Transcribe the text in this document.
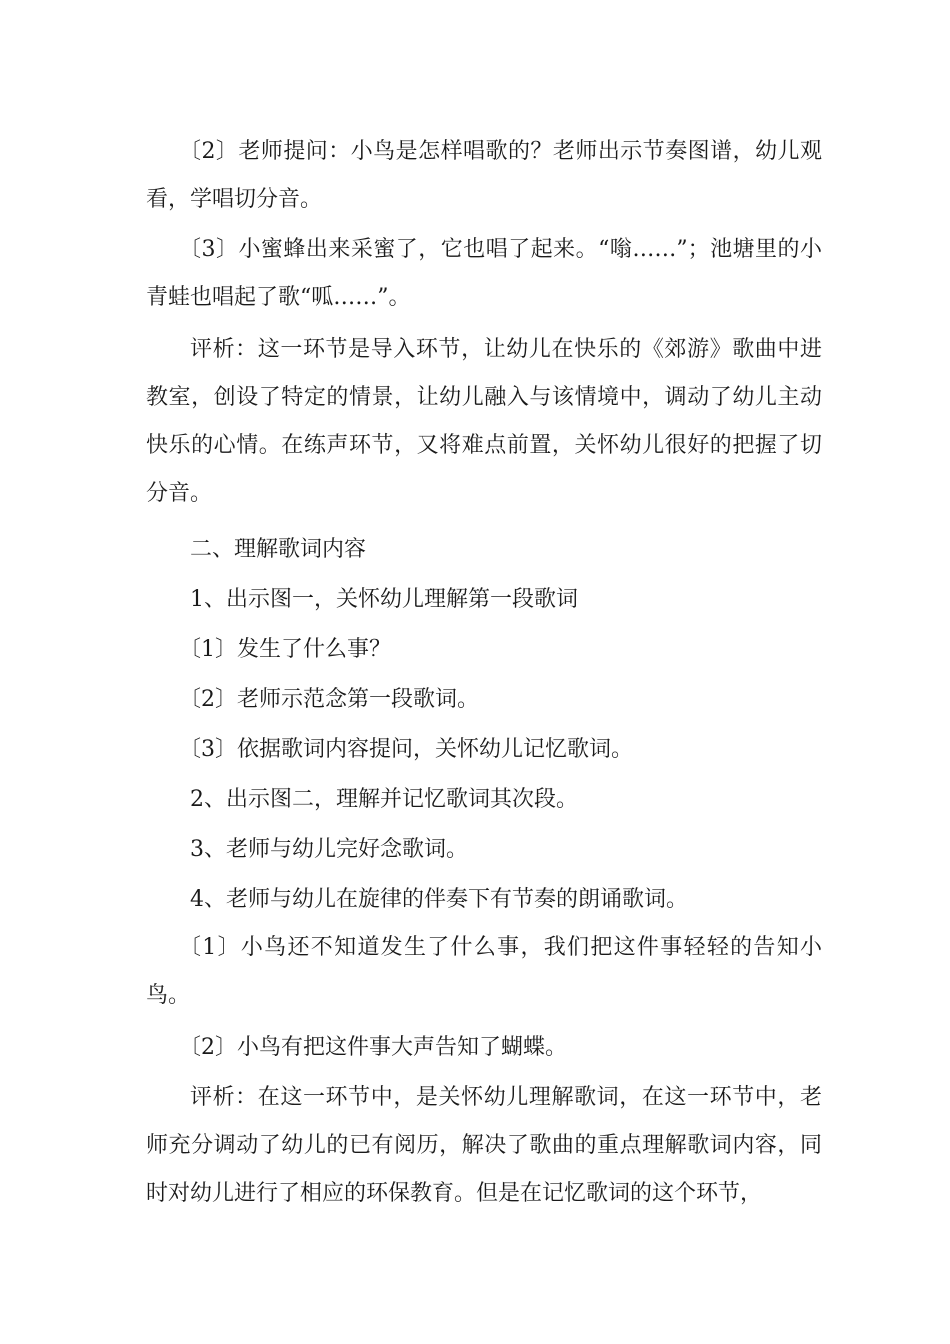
〔2〕老师提问：小鸟是怎样唱歌的？老师出示节奏图谱，幼儿观看，学唱切分音。

〔3〕小蜜蜂出来采蜜了，它也唱了起来。“嗡……”；池塘里的小青蛙也唱起了歌“呱……”。

评析：这一环节是导入环节，让幼儿在快乐的《郊游》歌曲中进教室，创设了特定的情景，让幼儿融入与该情境中，调动了幼儿主动快乐的心情。在练声环节，又将难点前置，关怀幼儿很好的把握了切分音。

二、理解歌词内容

1、出示图一，关怀幼儿理解第一段歌词

〔1〕发生了什么事？

〔2〕老师示范念第一段歌词。

〔3〕依据歌词内容提问，关怀幼儿记忆歌词。

2、出示图二，理解并记忆歌词其次段。

3、老师与幼儿完好念歌词。

4、老师与幼儿在旋律的伴奏下有节奏的朗诵歌词。

〔1〕小鸟还不知道发生了什么事，我们把这件事轻轻的告知小鸟。

〔2〕小鸟有把这件事大声告知了蝴蝶。

评析：在这一环节中，是关怀幼儿理解歌词，在这一环节中，老师充分调动了幼儿的已有阅历，解决了歌曲的重点理解歌词内容，同时对幼儿进行了相应的环保教育。但是在记忆歌词的这个环节，
